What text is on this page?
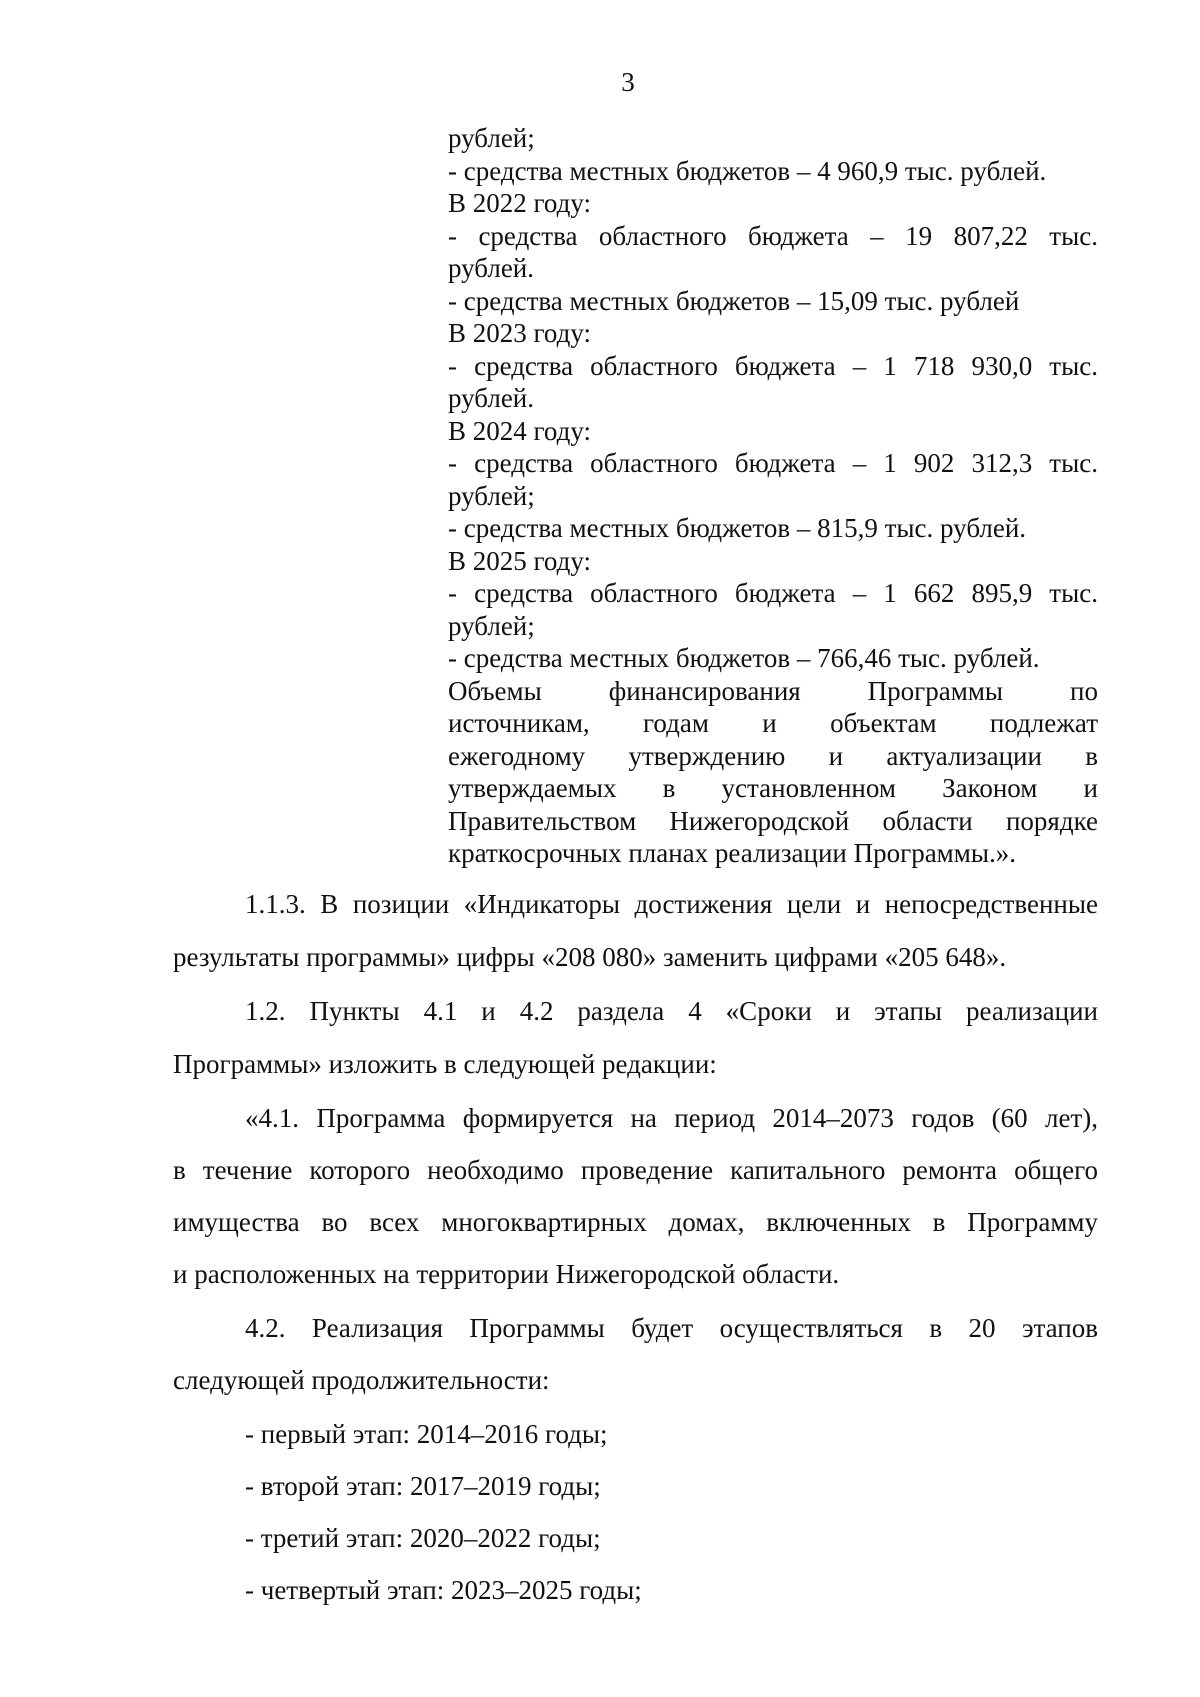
3
рублей;
- средства местных бюджетов – 4 960,9 тыс. рублей.
В 2022 году:
- средства областного бюджета – 19 807,22 тыс.
рублей.
- средства местных бюджетов – 15,09 тыс. рублей
В 2023 году:
- средства областного бюджета – 1 718 930,0 тыс.
рублей.
В 2024 году:
- средства областного бюджета – 1 902 312,3 тыс.
рублей;
- средства местных бюджетов – 815,9 тыс. рублей.
В 2025 году:
- средства областного бюджета – 1 662 895,9 тыс.
рублей;
- средства местных бюджетов – 766,46 тыс. рублей.
Объемы финансирования Программы по
источникам, годам и объектам подлежат
ежегодному утверждению и актуализации в
утверждаемых в установленном Законом и
Правительством Нижегородской области порядке
краткосрочных планах реализации Программы.».
1.1.3. В позиции «Индикаторы достижения цели и непосредственные
результаты программы» цифры «208 080» заменить цифрами «205 648».
1.2. Пункты 4.1 и 4.2 раздела 4 «Сроки и этапы реализации
Программы» изложить в следующей редакции:
«4.1. Программа формируется на период 2014–2073 годов (60 лет),
в течение которого необходимо проведение капитального ремонта общего
имущества во всех многоквартирных домах, включенных в Программу
и расположенных на территории Нижегородской области.
4.2. Реализация Программы будет осуществляться в 20 этапов
следующей продолжительности:
- первый этап: 2014–2016 годы;
- второй этап: 2017–2019 годы;
- третий этап: 2020–2022 годы;
- четвертый этап: 2023–2025 годы;
